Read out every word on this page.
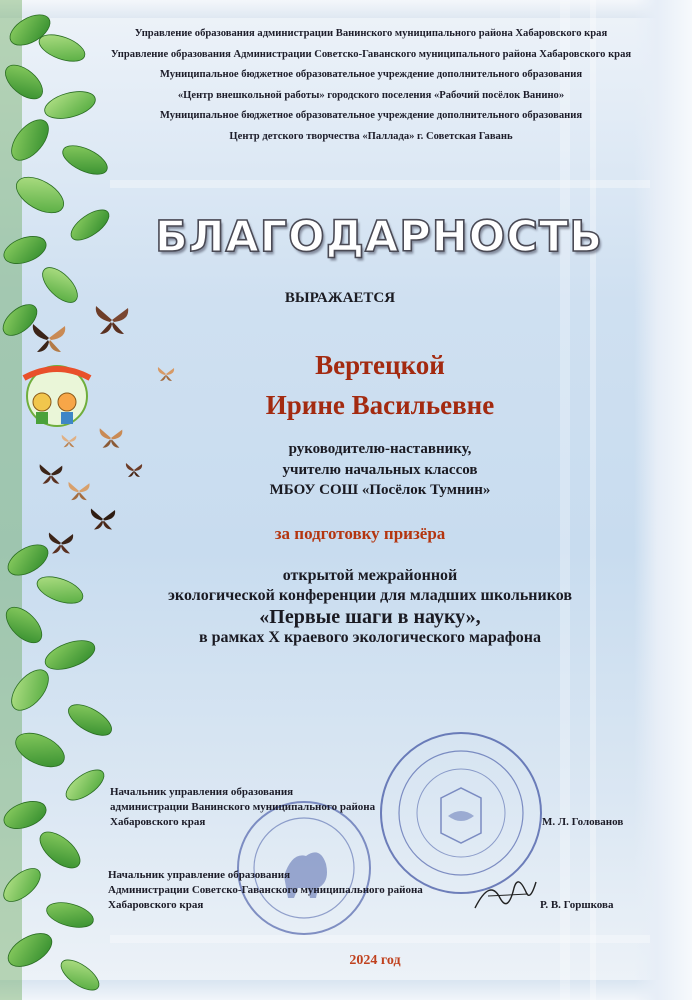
Управление образования администрации Ванинского муниципального района Хабаровского края
Управление образования Администрации Советско-Гаванского муниципального района Хабаровского края
Муниципальное бюджетное образовательное учреждение дополнительного образования
«Центр внешкольной работы» городского поселения «Рабочий посёлок Ванино»
Муниципальное бюджетное образовательное учреждение дополнительного образования
Центр детского творчества «Паллада» г. Советская Гавань
БЛАГОДАРНОСТЬ
ВЫРАЖАЕТСЯ
Вертецкой
Ирине Васильевне
руководителю-наставнику,
учителю начальных классов
МБОУ СОШ «Посёлок Тумнин»
за подготовку призёра
открытой межрайонной
экологической конференции для младших школьников
«Первые шаги в науку»,
в рамках X краевого экологического марафона
Начальник управления образования
администрации Ванинского муниципального района
Хабаровского края	М. Л. Голованов
Начальник управление образования
Администрации Советско-Гаванского муниципального района
Хабаровского края	Р. В. Горшкова
2024 год
